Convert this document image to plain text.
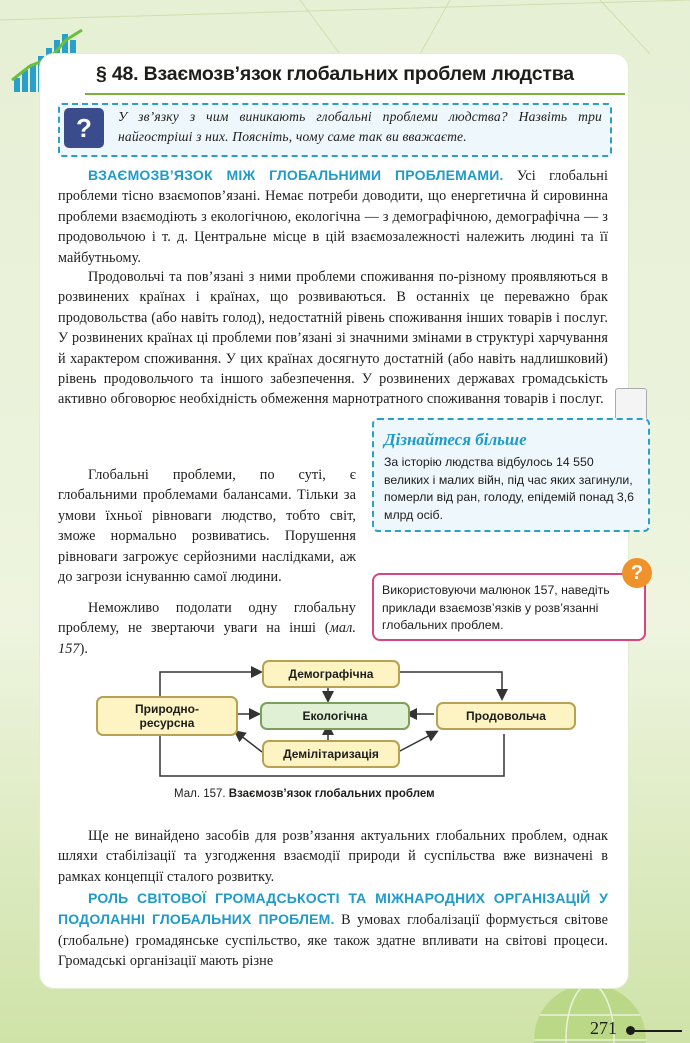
§ 48. Взаємозв’язок глобальних проблем людства
?	У зв’язку з чим виникають глобальні проблеми людства? Назвіть три найгостріші з них. Поясніть, чому саме так ви вважаєте.
ВЗАЄМОЗВ’ЯЗОК МІЖ ГЛОБАЛЬНИМИ ПРОБЛЕМАМИ. Усі глобальні проблеми тісно взаємопов’язані. Немає потреби доводити, що енергетична й сировинна проблеми взаємодіють з екологічною, екологічна — з демографічною, демографічна — з продовольчою і т. д. Центральне місце в цій взаємозалежності належить людині та її майбутньому.
Продовольчі та пов’язані з ними проблеми споживання по-різному проявляються в розвинених країнах і країнах, що розвиваються. В останніх це переважно брак продовольства (або навіть голод), недостатній рівень споживання інших товарів і послуг. У розвинених країнах ці проблеми пов’язані зі значними змінами в структурі харчування й характером споживання. У цих країнах досягнуто достатній (або навіть надлишковий) рівень продовольчого та іншого забезпечення. У розвинених державах громадськість активно обговорює необхідність обмеження марнотратного споживання товарів і послуг.
Дізнайтеся більше
За історію людства відбулось 14 550 великих і малих війн, під час яких загинули, померли від ран, голоду, епідемій понад 3,6 млрд осіб.
Глобальні проблеми, по суті, є глобальними проблемами балансами. Тільки за умови їхньої рівноваги людство, тобто світ, зможе нормально розвиватись. Порушення рівноваги загрожує серйозними наслідками, аж до загрози існуванню самої людини.
Неможливо подолати одну глобальну проблему, не звертаючи уваги на інші (мал. 157).
Використовуючи малюнок 157, наведіть приклади взаємозв’язків у розв’язанні глобальних проблем.
?
Демографічна
Природно-ресурсна	Екологічна	Продовольча
Демілітаризація
Мал. 157. Взаємозв’язок глобальних проблем
Ще не винайдено засобів для розв’язання актуальних глобальних проблем, однак шляхи стабілізації та узгодження взаємодії природи й суспільства вже визначені в рамках концепції сталого розвитку.
РОЛЬ СВІТОВОЇ ГРОМАДСЬКОСТІ ТА МІЖНАРОДНИХ ОРГАНІЗАЦІЙ У ПОДОЛАННІ ГЛОБАЛЬНИХ ПРОБЛЕМ. В умовах глобалізації формується світове (глобальне) громадянське суспільство, яке також здатне впливати на світові процеси. Громадські організації мають різне
271
